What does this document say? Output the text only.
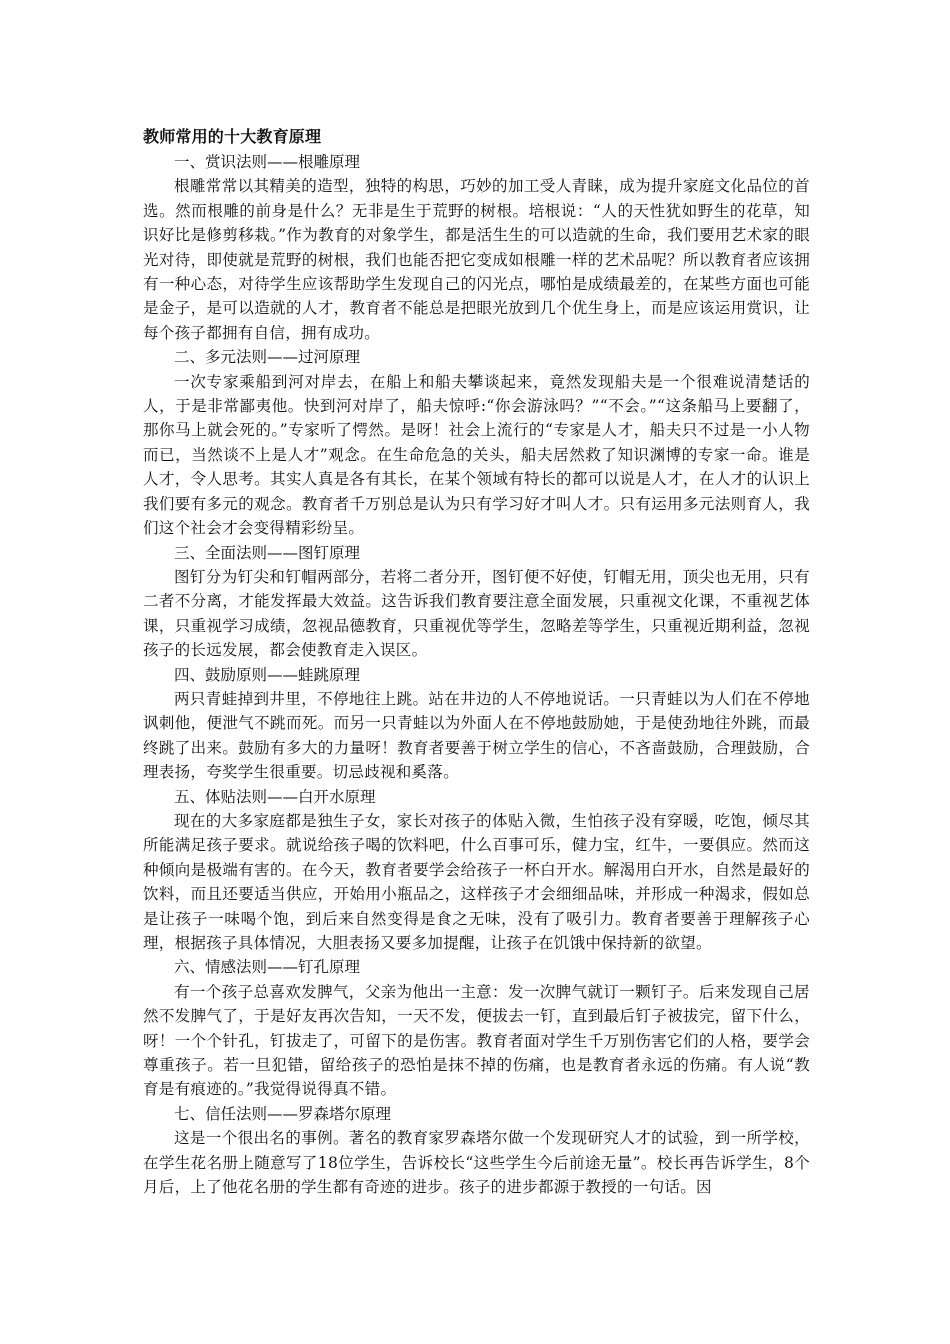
教师常用的十大教育原理

一、赏识法则——根雕原理

根雕常常以其精美的造型，独特的构思，巧妙的加工受人青睐，成为提升家庭文化品位的首选。然而根雕的前身是什么？无非是生于荒野的树根。培根说：“人的天性犹如野生的花草，知识好比是修剪移栽。”作为教育的对象学生，都是活生生的可以造就的生命，我们要用艺术家的眼光对待，即使就是荒野的树根，我们也能否把它变成如根雕一样的艺术品呢？所以教育者应该拥有一种心态，对待学生应该帮助学生发现自己的闪光点，哪怕是成绩最差的，在某些方面也可能是金子，是可以造就的人才，教育者不能总是把眼光放到几个优生身上，而是应该运用赏识，让每个孩子都拥有自信，拥有成功。

二、多元法则——过河原理

一次专家乘船到河对岸去，在船上和船夫攀谈起来，竟然发现船夫是一个很难说清楚话的人，于是非常鄙夷他。快到河对岸了，船夫惊呼:“你会游泳吗？”“不会。”“这条船马上要翻了，那你马上就会死的。”专家听了愕然。是呀！社会上流行的“专家是人才，船夫只不过是一小人物而已，当然谈不上是人才”观念。在生命危急的关头，船夫居然救了知识渊博的专家一命。谁是人才，令人思考。其实人真是各有其长，在某个领域有特长的都可以说是人才，在人才的认识上我们要有多元的观念。教育者千万别总是认为只有学习好才叫人才。只有运用多元法则育人，我们这个社会才会变得精彩纷呈。

三、全面法则——图钉原理

图钉分为钉尖和钉帽两部分，若将二者分开，图钉便不好使，钉帽无用，顶尖也无用，只有二者不分离，才能发挥最大效益。这告诉我们教育要注意全面发展，只重视文化课，不重视艺体课，只重视学习成绩，忽视品德教育，只重视优等学生，忽略差等学生，只重视近期利益，忽视孩子的长远发展，都会使教育走入误区。

四、鼓励原则——蛙跳原理

两只青蛙掉到井里，不停地往上跳。站在井边的人不停地说话。一只青蛙以为人们在不停地讽刺他，便泄气不跳而死。而另一只青蛙以为外面人在不停地鼓励她，于是使劲地往外跳，而最终跳了出来。鼓励有多大的力量呀！教育者要善于树立学生的信心，不吝啬鼓励，合理鼓励，合理表扬，夸奖学生很重要。切忌歧视和奚落。

五、体贴法则——白开水原理

现在的大多家庭都是独生子女，家长对孩子的体贴入微，生怕孩子没有穿暖，吃饱，倾尽其所能满足孩子要求。就说给孩子喝的饮料吧，什么百事可乐，健力宝，红牛，一要俱应。然而这种倾向是极端有害的。在今天，教育者要学会给孩子一杯白开水。解渴用白开水，自然是最好的饮料，而且还要适当供应，开始用小瓶品之，这样孩子才会细细品味，并形成一种渴求，假如总是让孩子一味喝个饱，到后来自然变得是食之无味，没有了吸引力。教育者要善于理解孩子心理，根据孩子具体情况，大胆表扬又要多加提醒，让孩子在饥饿中保持新的欲望。

六、情感法则——钉孔原理

有一个孩子总喜欢发脾气，父亲为他出一主意：发一次脾气就订一颗钉子。后来发现自己居然不发脾气了，于是好友再次告知，一天不发，便拔去一钉，直到最后钉子被拔完，留下什么，呀！一个个针孔，钉拔走了，可留下的是伤害。教育者面对学生千万别伤害它们的人格，要学会尊重孩子。若一旦犯错，留给孩子的恐怕是抹不掉的伤痛，也是教育者永远的伤痛。有人说“教育是有痕迹的。”我觉得说得真不错。

七、信任法则——罗森塔尔原理

这是一个很出名的事例。著名的教育家罗森塔尔做一个发现研究人才的试验，到一所学校，在学生花名册上随意写了18位学生，告诉校长“这些学生今后前途无量”。校长再告诉学生，8个月后，上了他花名册的学生都有奇迹的进步。孩子的进步都源于教授的一句话。因
